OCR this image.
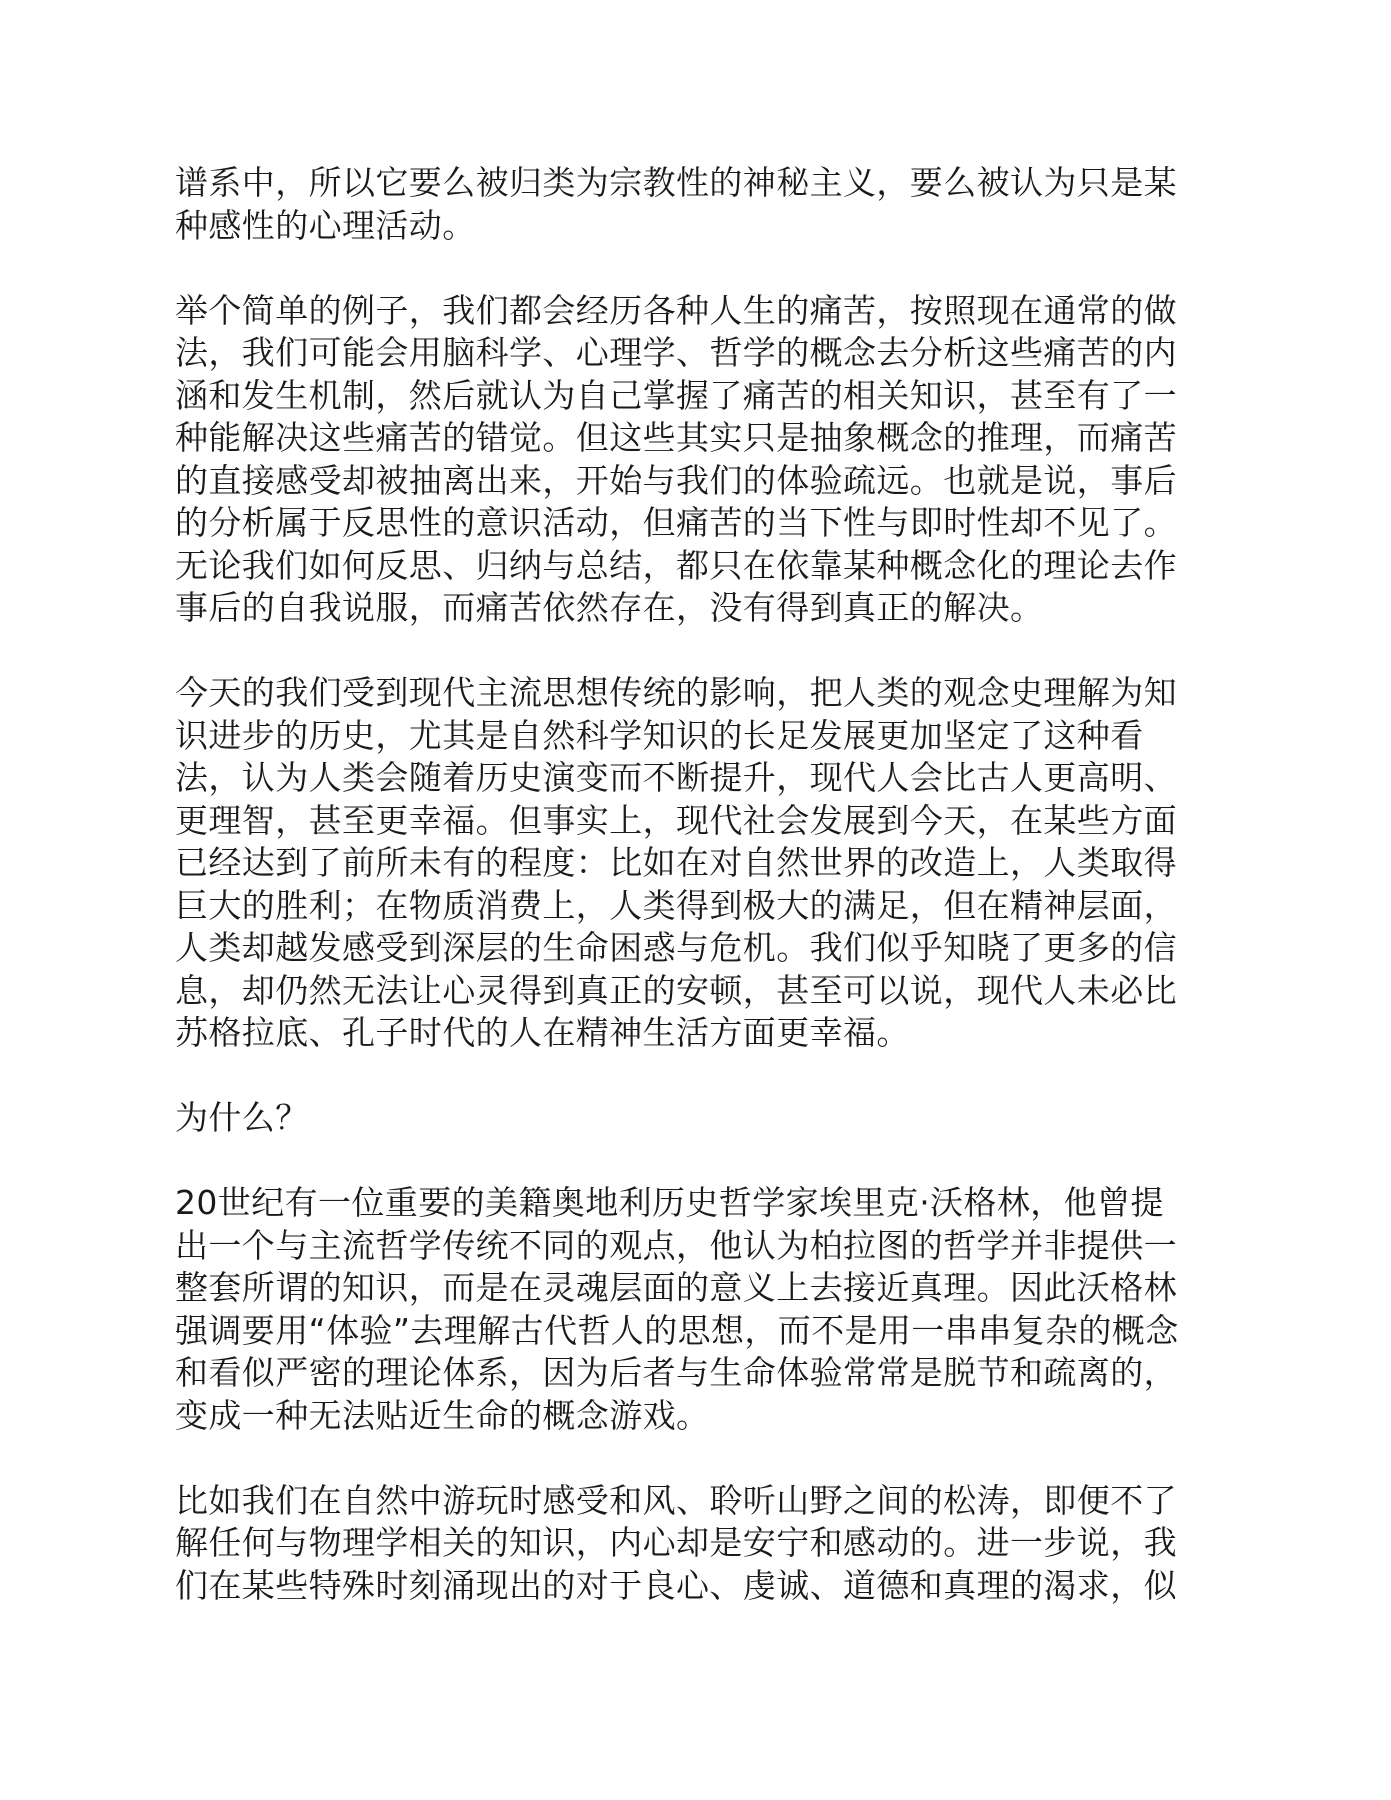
谱系中，所以它要么被归类为宗教性的神秘主义，要么被认为只是某
种感性的心理活动。

举个简单的例子，我们都会经历各种人生的痛苦，按照现在通常的做
法，我们可能会用脑科学、心理学、哲学的概念去分析这些痛苦的内
涵和发生机制，然后就认为自己掌握了痛苦的相关知识，甚至有了一
种能解决这些痛苦的错觉。但这些其实只是抽象概念的推理，而痛苦
的直接感受却被抽离出来，开始与我们的体验疏远。也就是说，事后
的分析属于反思性的意识活动，但痛苦的当下性与即时性却不见了。
无论我们如何反思、归纳与总结，都只在依靠某种概念化的理论去作
事后的自我说服，而痛苦依然存在，没有得到真正的解决。

今天的我们受到现代主流思想传统的影响，把人类的观念史理解为知
识进步的历史，尤其是自然科学知识的长足发展更加坚定了这种看
法，认为人类会随着历史演变而不断提升，现代人会比古人更高明、
更理智，甚至更幸福。但事实上，现代社会发展到今天，在某些方面
已经达到了前所未有的程度：比如在对自然世界的改造上，人类取得
巨大的胜利；在物质消费上，人类得到极大的满足，但在精神层面，
人类却越发感受到深层的生命困惑与危机。我们似乎知晓了更多的信
息，却仍然无法让心灵得到真正的安顿，甚至可以说，现代人未必比
苏格拉底、孔子时代的人在精神生活方面更幸福。

为什么？

20世纪有一位重要的美籍奥地利历史哲学家埃里克·沃格林，他曾提
出一个与主流哲学传统不同的观点，他认为柏拉图的哲学并非提供一
整套所谓的知识，而是在灵魂层面的意义上去接近真理。因此沃格林
强调要用“体验”去理解古代哲人的思想，而不是用一串串复杂的概念
和看似严密的理论体系，因为后者与生命体验常常是脱节和疏离的，
变成一种无法贴近生命的概念游戏。

比如我们在自然中游玩时感受和风、聆听山野之间的松涛，即便不了
解任何与物理学相关的知识，内心却是安宁和感动的。进一步说，我
们在某些特殊时刻涌现出的对于良心、虔诚、道德和真理的渴求，似
